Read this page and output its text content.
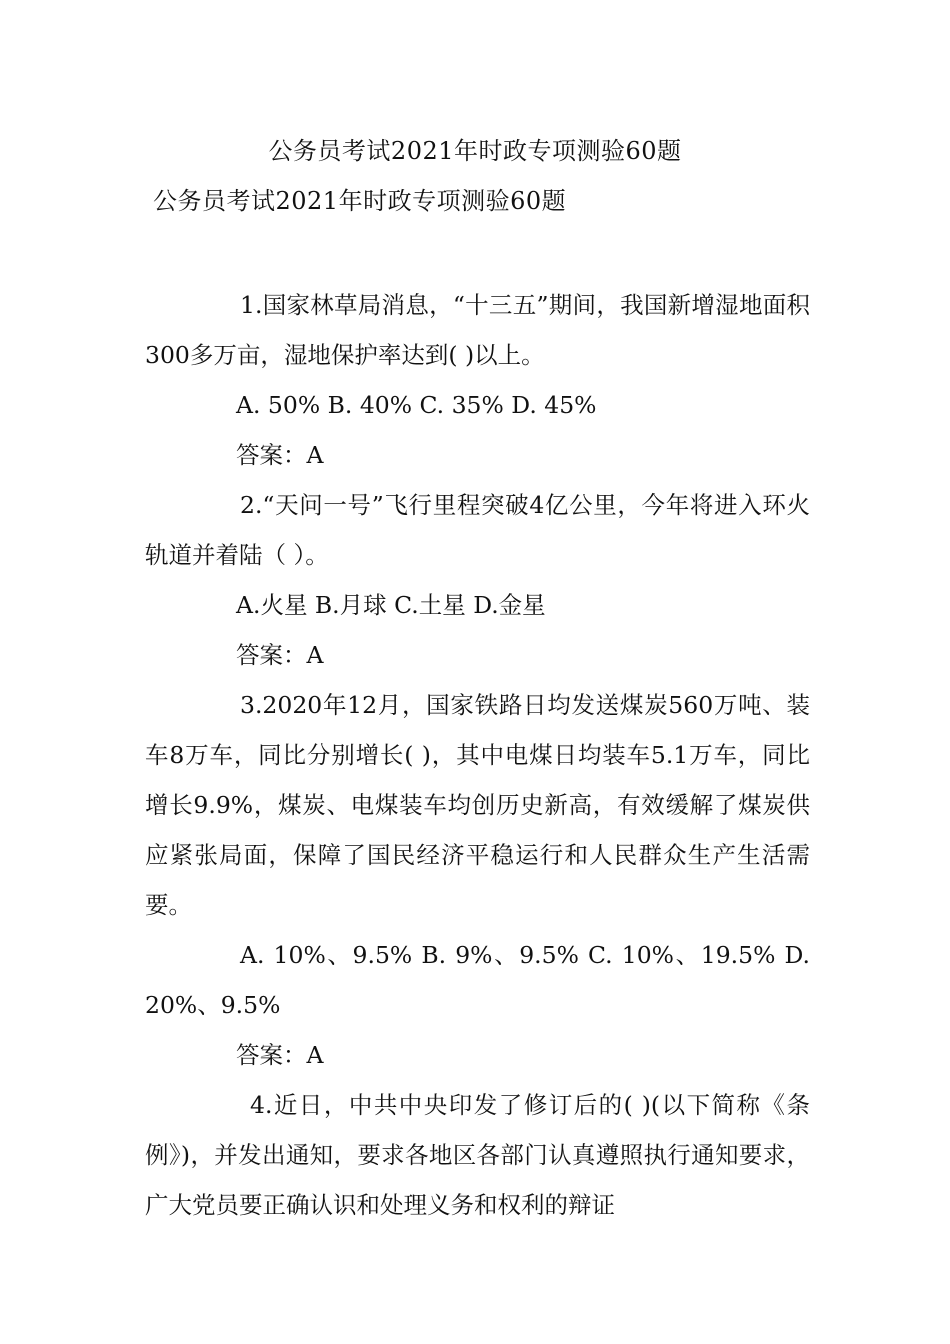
公务员考试2021年时政专项测验60题
公务员考试2021年时政专项测验60题

1.国家林草局消息，“十三五”期间，我国新增湿地面积300多万亩，湿地保护率达到( )以上。

A. 50% B. 40% C. 35% D. 45%

答案：A

2.“天问一号”飞行里程突破4亿公里，今年将进入环火轨道并着陆（ ）。

A.火星 B.月球 C.土星 D.金星

答案：A

3.2020年12月，国家铁路日均发送煤炭560万吨、装车8万车，同比分别增长( )，其中电煤日均装车5.1万车，同比增长9.9%，煤炭、电煤装车均创历史新高，有效缓解了煤炭供应紧张局面，保障了国民经济平稳运行和人民群众生产生活需要。

A. 10%、9.5% B. 9%、9.5% C. 10%、19.5% D. 20%、9.5%

答案：A

4.近日，中共中央印发了修订后的( )(以下简称《条例》)，并发出通知，要求各地区各部门认真遵照执行通知要求，广大党员要正确认识和处理义务和权利的辩证
